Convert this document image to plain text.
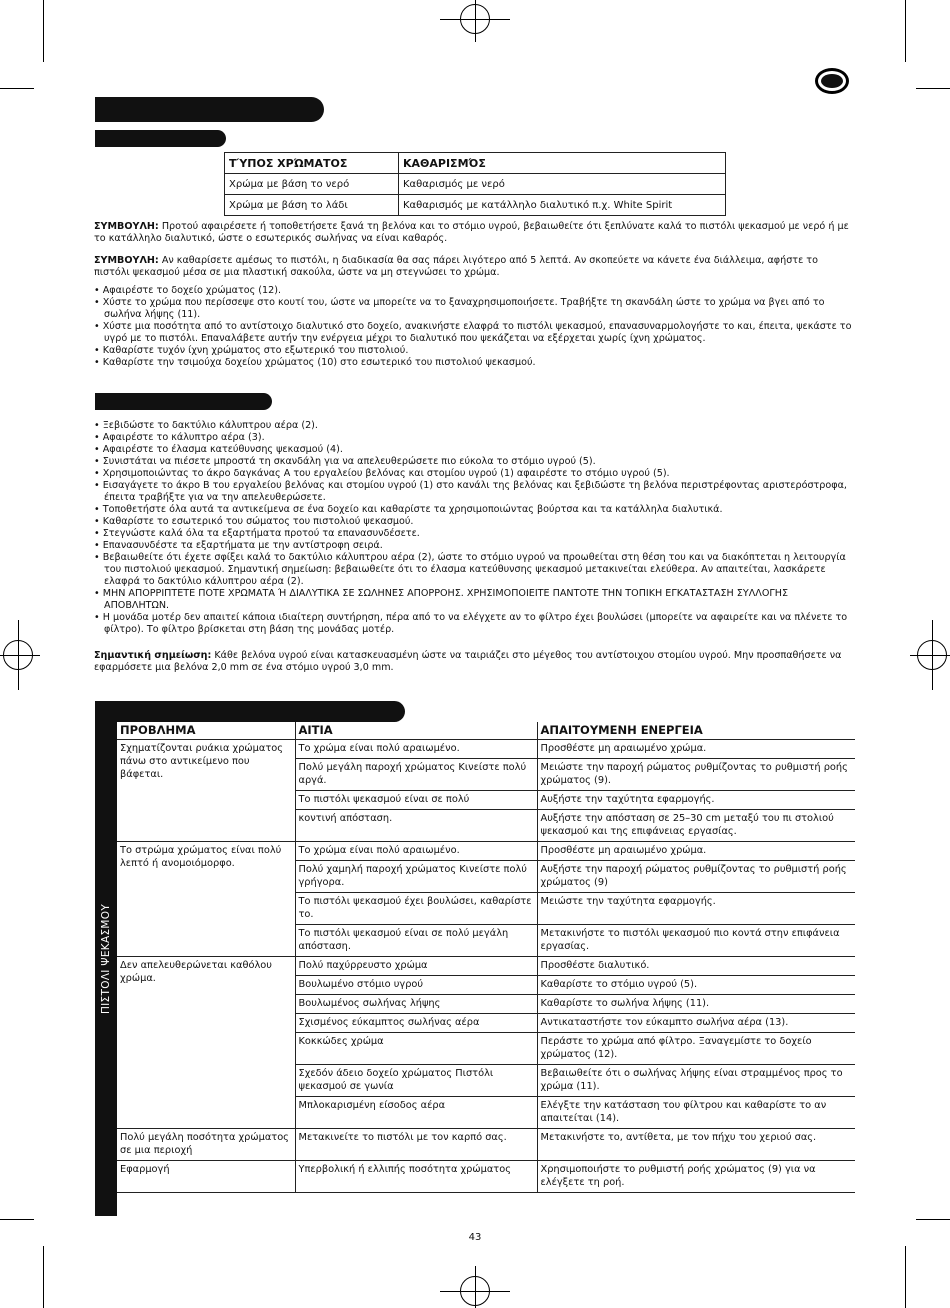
ΤΎΠΟΣ ΧΡΏΜΑΤΟΣ	ΚΑΘΑΡΙΣΜΌΣ
Χρώμα με βάση το νερό	Καθαρισμός με νερό
Χρώμα με βάση το λάδι	Καθαρισμός με κατάλληλο διαλυτικό π.χ. White Spirit

ΣΥΜΒΟΥΛΗ: Προτού αφαιρέσετε ή τοποθετήσετε ξανά τη βελόνα και το στόμιο υγρού, βεβαιωθείτε ότι ξεπλύνατε καλά το πιστόλι ψεκασμού με νερό ή με το κατάλληλο διαλυτικό, ώστε ο εσωτερικός σωλήνας να είναι καθαρός.

ΣΥΜΒΟΥΛΗ: Αν καθαρίσετε αμέσως το πιστόλι, η διαδικασία θα σας πάρει λιγότερο από 5 λεπτά. Αν σκοπεύετε να κάνετε ένα διάλλειμα, αφήστε το πιστόλι ψεκασμού μέσα σε μια πλαστική σακούλα, ώστε να μη στεγνώσει το χρώμα.

• Αφαιρέστε το δοχείο χρώματος (12).
• Χύστε το χρώμα που περίσσεψε στο κουτί του, ώστε να μπορείτε να το ξαναχρησιμοποιήσετε. Τραβήξτε τη σκανδάλη ώστε το χρώμα να βγει από το σωλήνα λήψης (11).
• Χύστε μια ποσότητα από το αντίστοιχο διαλυτικό στο δοχείο, ανακινήστε ελαφρά το πιστόλι ψεκασμού, επανασυναρμολογήστε το και, έπειτα, ψεκάστε το υγρό με το πιστόλι. Επαναλάβετε αυτήν την ενέργεια μέχρι το διαλυτικό που ψεκάζεται να εξέρχεται χωρίς ίχνη χρώματος.
• Καθαρίστε τυχόν ίχνη χρώματος στο εξωτερικό του πιστολιού.
• Καθαρίστε την τσιμούχα δοχείου χρώματος (10) στο εσωτερικό του πιστολιού ψεκασμού.
• Ξεβιδώστε το δακτύλιο κάλυπτρου αέρα (2).
• Αφαιρέστε το κάλυπτρο αέρα (3).
• Αφαιρέστε το έλασμα κατεύθυνσης ψεκασμού (4).
• Συνιστάται να πιέσετε μπροστά τη σκανδάλη για να απελευθερώσετε πιο εύκολα το στόμιο υγρού (5).
• Χρησιμοποιώντας το άκρο δαγκάνας Α του εργαλείου βελόνας και στομίου υγρού (1) αφαιρέστε το στόμιο υγρού (5).
• Εισαγάγετε το άκρο Β του εργαλείου βελόνας και στομίου υγρού (1) στο κανάλι της βελόνας και ξεβιδώστε τη βελόνα περιστρέφοντας αριστερόστροφα, έπειτα τραβήξτε για να την απελευθερώσετε.
• Τοποθετήστε όλα αυτά τα αντικείμενα σε ένα δοχείο και καθαρίστε τα χρησιμοποιώντας βούρτσα και τα κατάλληλα διαλυτικά.
• Καθαρίστε το εσωτερικό του σώματος του πιστολιού ψεκασμού.
• Στεγνώστε καλά όλα τα εξαρτήματα προτού τα επανασυνδέσετε.
• Επανασυνδέστε τα εξαρτήματα με την αντίστροφη σειρά.
• Βεβαιωθείτε ότι έχετε σφίξει καλά το δακτύλιο κάλυπτρου αέρα (2), ώστε το στόμιο υγρού να προωθείται στη θέση του και να διακόπτεται η λειτουργία του πιστολιού ψεκασμού. Σημαντική σημείωση: βεβαιωθείτε ότι το έλασμα κατεύθυνσης ψεκασμού μετακινείται ελεύθερα. Αν απαιτείται, λασκάρετε ελαφρά το δακτύλιο κάλυπτρου αέρα (2).
• ΜΗΝ ΑΠΟΡΡΙΠΤΕΤΕ ΠΟΤΕ ΧΡΩΜΑΤΑ Ή ΔΙΑΛΥΤΙΚΑ ΣΕ ΣΩΛΗΝΕΣ ΑΠΟΡΡΟΗΣ. ΧΡΗΣΙΜΟΠΟΙΕΙΤΕ ΠΑΝΤΟΤΕ ΤΗΝ ΤΟΠΙΚΗ ΕΓΚΑΤΑΣΤΑΣΗ ΣΥΛΛΟΓΗΣ ΑΠΟΒΛΗΤΩΝ.
• Η μονάδα μοτέρ δεν απαιτεί κάποια ιδιαίτερη συντήρηση, πέρα από το να ελέγχετε αν το φίλτρο έχει βουλώσει (μπορείτε να αφαιρείτε και να πλένετε το φίλτρο). Το φίλτρο βρίσκεται στη βάση της μονάδας μοτέρ.

Σημαντική σημείωση: Κάθε βελόνα υγρού είναι κατασκευασμένη ώστε να ταιριάζει στο μέγεθος του αντίστοιχου στομίου υγρού. Μην προσπαθήσετε να εφαρμόσετε μια βελόνα 2,0 mm σε ένα στόμιο υγρού 3,0 mm.

ΠΙΣΤΟΛΙ ΨΕΚΑΣΜΟΥ
ΠΡΟΒΛΗΜΑ	ΑΙΤΙΑ	ΑΠΑΙΤΟΥΜΕΝΗ ΕΝΕΡΓΕΙΑ
Σχηματίζονται ρυάκια χρώματος πάνω στο αντικείμενο που βάφεται.	Το χρώμα είναι πολύ αραιωμένο.	Προσθέστε μη αραιωμένο χρώμα.
	Πολύ μεγάλη παροχή χρώματος Κινείστε πολύ αργά.	Μειώστε την παροχή ρώματος ρυθμίζοντας το ρυθμιστή ροής χρώματος (9).
	Το πιστόλι ψεκασμού είναι σε πολύ	Αυξήστε την ταχύτητα εφαρμογής.
	κοντινή απόσταση.	Αυξήστε την απόσταση σε 25–30 cm μεταξύ του πι στολιού ψεκασμού και της επιφάνειας εργασίας.
Το στρώμα χρώματος είναι πολύ λεπτό ή ανομοιόμορφο.	Το χρώμα είναι πολύ αραιωμένο.	Προσθέστε μη αραιωμένο χρώμα.
	Πολύ χαμηλή παροχή χρώματος Κινείστε πολύ γρήγορα.	Αυξήστε την παροχή ρώματος ρυθμίζοντας το ρυθμιστή ροής χρώματος (9)
	Το πιστόλι ψεκασμού έχει βουλώσει, καθαρίστε το.	Μειώστε την ταχύτητα εφαρμογής.
	Το πιστόλι ψεκασμού είναι σε πολύ μεγάλη απόσταση.	Μετακινήστε το πιστόλι ψεκασμού πιο κοντά στην επιφάνεια εργασίας.
Δεν απελευθερώνεται καθόλου χρώμα.	Πολύ παχύρρευστο χρώμα	Προσθέστε διαλυτικό.
	Βουλωμένο στόμιο υγρού	Καθαρίστε το στόμιο υγρού (5).
	Βουλωμένος σωλήνας λήψης	Καθαρίστε το σωλήνα λήψης (11).
	Σχισμένος εύκαμπτος σωλήνας αέρα	Αντικαταστήστε τον εύκαμπτο σωλήνα αέρα (13).
	Κοκκώδες χρώμα	Περάστε το χρώμα από φίλτρο. Ξαναγεμίστε το δοχείο χρώματος (12).
	Σχεδόν άδειο δοχείο χρώματος Πιστόλι ψεκασμού σε γωνία	Βεβαιωθείτε ότι ο σωλήνας λήψης είναι στραμμένος προς το χρώμα (11).
	Μπλοκαρισμένη είσοδος αέρα	Ελέγξτε την κατάσταση του φίλτρου και καθαρίστε το αν απαιτείται (14).
Πολύ μεγάλη ποσότητα χρώματος σε μια περιοχή	Μετακινείτε το πιστόλι με τον καρπό σας.	Μετακινήστε το, αντίθετα, με τον πήχυ του χεριού σας.
Εφαρμογή	Υπερβολική ή ελλιπής ποσότητα χρώματος	Χρησιμοποιήστε το ρυθμιστή ροής χρώματος (9) για να ελέγξετε τη ροή.
43
